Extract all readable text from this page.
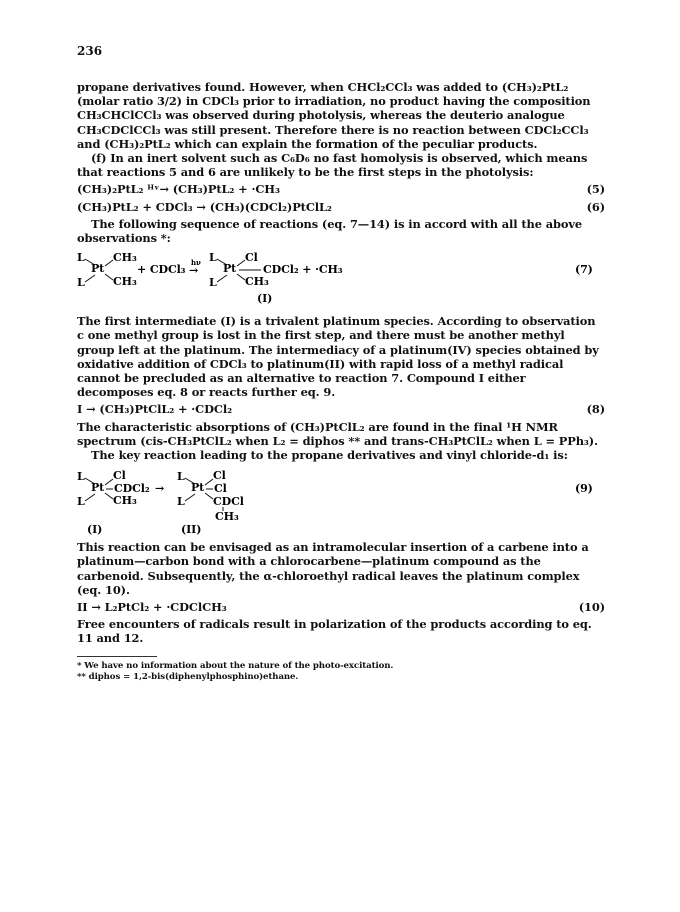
236

propane derivatives found. However, when CHCl₂CCl₃ was added to (CH₃)₂PtL₂ (molar ratio 3/2) in CDCl₃ prior to irradiation, no product having the composition CH₃CHClCCl₃ was observed during photolysis, whereas the deuterio analogue CH₃CDClCCl₃ was still present. Therefore there is no reaction between CDCl₂CCl₃ and (CH₃)₂PtL₂ which can explain the formation of the peculiar products.

(f) In an inert solvent such as C₆D₆ no fast homolysis is observed, which means that reactions 5 and 6 are unlikely to be the first steps in the photolysis:

(CH₃)₂PtL₂ ᴴᵛ→ (CH₃)PtL₂ + ·CH₃	(5)
(CH₃)PtL₂ + CDCl₃ → (CH₃)(CDCl₂)PtClL₂	(6)

The following sequence of reactions (eq. 7—14) is in accord with all the above observations *:

L
Pt
L
CH₃
CH₃
+ CDCl₃
hν
→
L
Pt
L
Cl
CDCl₂ + ·CH₃
CH₃
(I)
(7)

The first intermediate (I) is a trivalent platinum species. According to observation c one methyl group is lost in the first step, and there must be another methyl group left at the platinum. The intermediacy of a platinum(IV) species obtained by oxidative addition of CDCl₃ to platinum(II) with rapid loss of a methyl radical cannot be precluded as an alternative to reaction 7. Compound I either decomposes eq. 8 or reacts further eq. 9.

I → (CH₃)PtClL₂ + ·CDCl₂	(8)

The characteristic absorptions of (CH₃)PtClL₂ are found in the final ¹H NMR spectrum (cis-CH₃PtClL₂ when L₂ = diphos ** and trans-CH₃PtClL₂ when L = PPh₃).

The key reaction leading to the propane derivatives and vinyl chloride-d₁ is:

L
Pt
L
Cl
CDCl₂
CH₃
→
L
Pt
L
Cl
Cl
CDCl
CH₃
(I)	(II)
(9)

This reaction can be envisaged as an intramolecular insertion of a carbene into a platinum—carbon bond with a chlorocarbene—platinum compound as the carbenoid. Subsequently, the α-chloroethyl radical leaves the platinum complex (eq. 10).

II → L₂PtCl₂ + ·CDClCH₃	(10)

Free encounters of radicals result in polarization of the products according to eq. 11 and 12.

* We have no information about the nature of the photo-excitation.
** diphos = 1,2-bis(diphenylphosphino)ethane.
